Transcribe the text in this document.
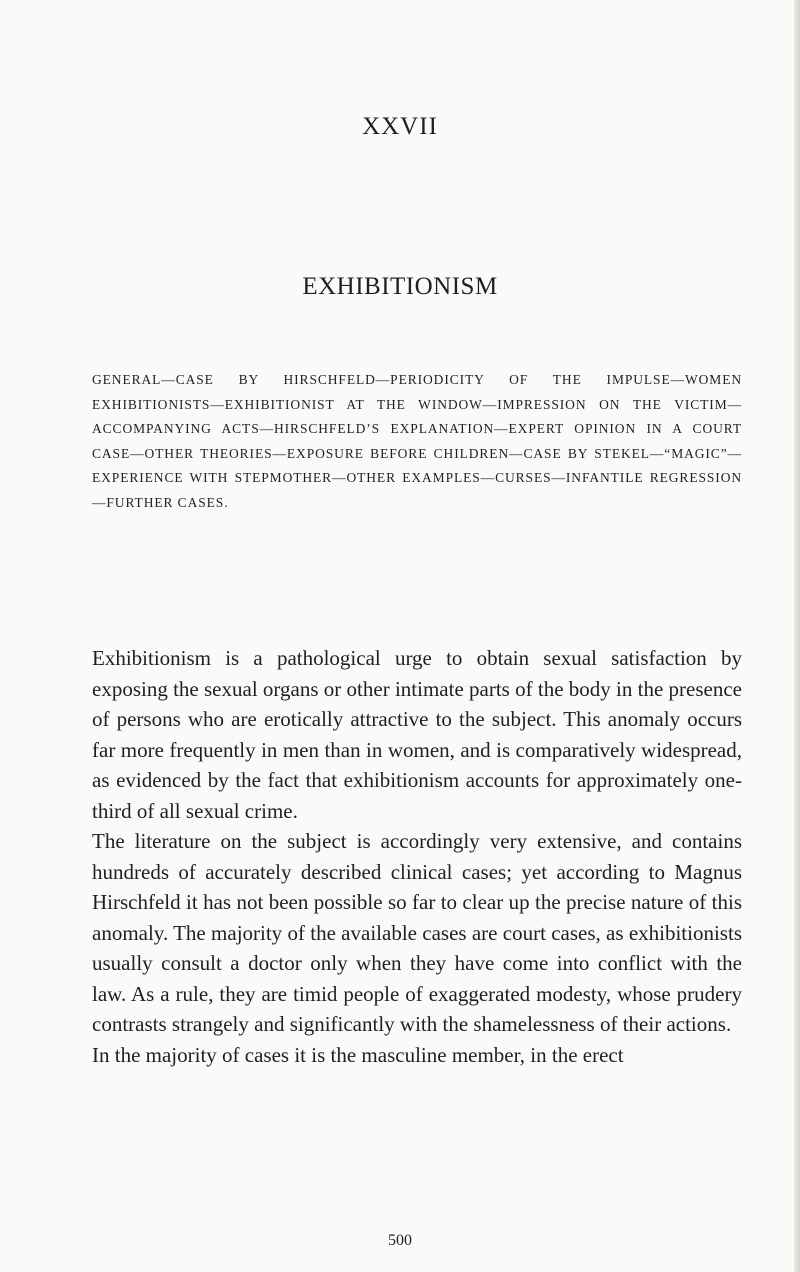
XXVII
EXHIBITIONISM

GENERAL—CASE BY HIRSCHFELD—PERIODICITY OF THE IMPULSE—WOMEN EXHIBITIONISTS—EXHIBITIONIST AT THE WINDOW—IMPRESSION ON THE VICTIM—ACCOMPANYING ACTS—HIRSCHFELD’S EXPLANATION—EXPERT OPINION IN A COURT CASE—OTHER THEORIES—EXPOSURE BEFORE CHILDREN—CASE BY STEKEL—“MAGIC”—EXPERIENCE WITH STEPMOTHER—OTHER EXAMPLES—CURSES—INFANTILE REGRESSION—FURTHER CASES.

Exhibitionism is a pathological urge to obtain sexual satisfaction by exposing the sexual organs or other intimate parts of the body in the presence of persons who are erotically attractive to the subject. This anomaly occurs far more frequently in men than in women, and is comparatively widespread, as evidenced by the fact that exhibitionism accounts for approximately one-third of all sexual crime.

The literature on the subject is accordingly very extensive, and contains hundreds of accurately described clinical cases; yet according to Magnus Hirschfeld it has not been possible so far to clear up the precise nature of this anomaly. The majority of the available cases are court cases, as exhibitionists usually consult a doctor only when they have come into conflict with the law. As a rule, they are timid people of exaggerated modesty, whose prudery contrasts strangely and significantly with the shamelessness of their actions.

In the majority of cases it is the masculine member, in the erect

500
